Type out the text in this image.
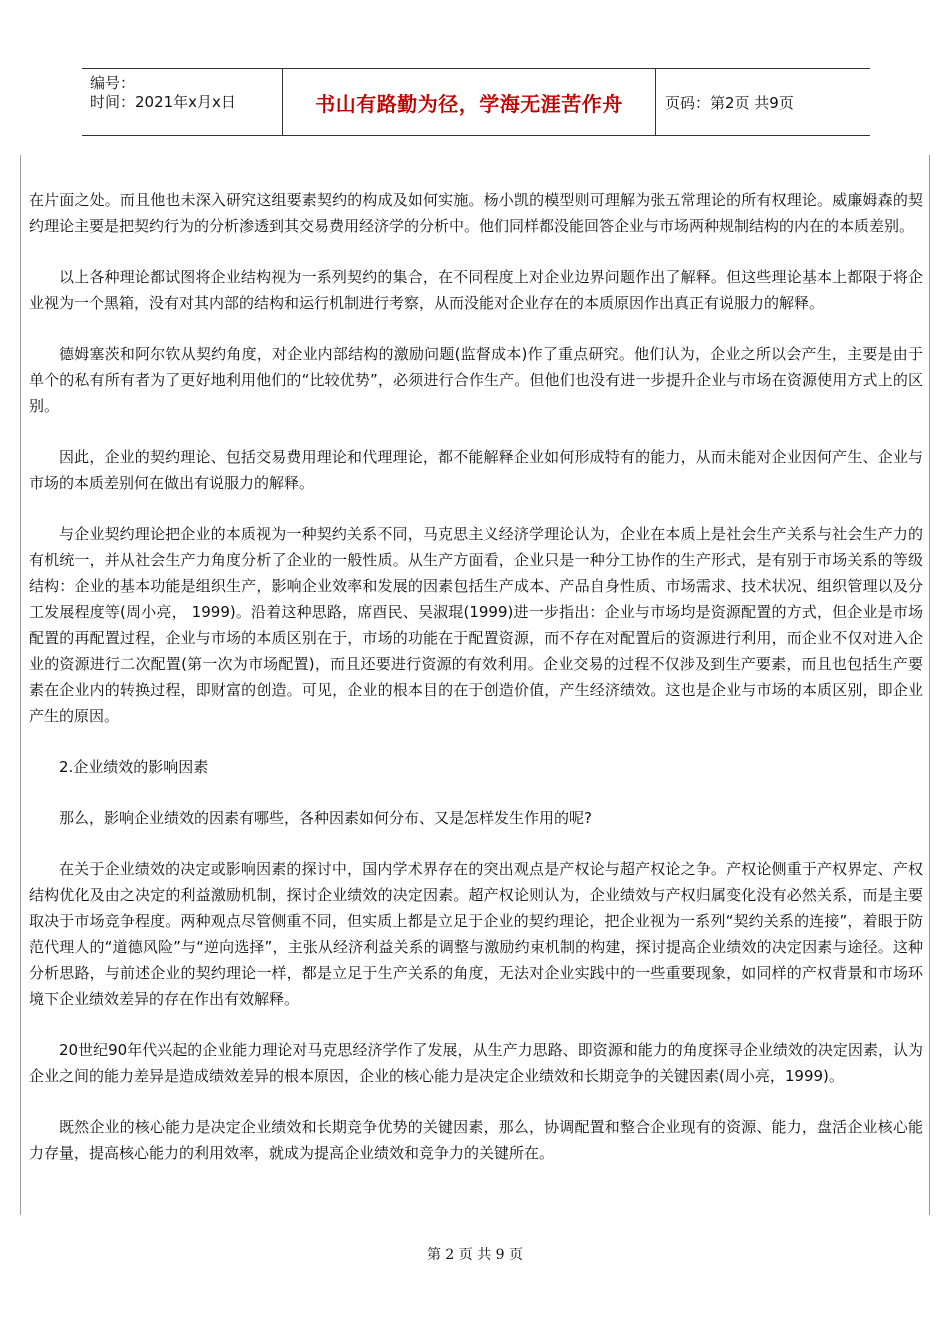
编号：
时间：2021年x月x日	书山有路勤为径，学海无涯苦作舟	页码：第2页 共9页

在片面之处。而且他也未深入研究这组要素契约的构成及如何实施。杨小凯的模型则可理解为张五常理论的所有权理论。威廉姆森的契约理论主要是把契约行为的分析渗透到其交易费用经济学的分析中。他们同样都没能回答企业与市场两种规制结构的内在的本质差别。

以上各种理论都试图将企业结构视为一系列契约的集合，在不同程度上对企业边界问题作出了解释。但这些理论基本上都限于将企业视为一个黑箱，没有对其内部的结构和运行机制进行考察，从而没能对企业存在的本质原因作出真正有说服力的解释。

德姆塞茨和阿尔钦从契约角度，对企业内部结构的激励问题(监督成本)作了重点研究。他们认为，企业之所以会产生，主要是由于单个的私有所有者为了更好地利用他们的“比较优势”，必须进行合作生产。但他们也没有进一步提升企业与市场在资源使用方式上的区别。

因此，企业的契约理论、包括交易费用理论和代理理论，都不能解释企业如何形成特有的能力，从而未能对企业因何产生、企业与市场的本质差别何在做出有说服力的解释。

与企业契约理论把企业的本质视为一种契约关系不同，马克思主义经济学理论认为，企业在本质上是社会生产关系与社会生产力的有机统一，并从社会生产力角度分析了企业的一般性质。从生产方面看，企业只是一种分工协作的生产形式，是有别于市场关系的等级结构：企业的基本功能是组织生产，影响企业效率和发展的因素包括生产成本、产品自身性质、市场需求、技术状况、组织管理以及分工发展程度等(周小亮， 1999)。沿着这种思路，席酉民、吴淑琨(1999)进一步指出：企业与市场均是资源配置的方式，但企业是市场配置的再配置过程，企业与市场的本质区别在于，市场的功能在于配置资源，而不存在对配置后的资源进行利用，而企业不仅对进入企业的资源进行二次配置(第一次为市场配置)，而且还要进行资源的有效利用。企业交易的过程不仅涉及到生产要素，而且也包括生产要素在企业内的转换过程，即财富的创造。可见，企业的根本目的在于创造价值，产生经济绩效。这也是企业与市场的本质区别，即企业产生的原因。

2.企业绩效的影响因素

那么，影响企业绩效的因素有哪些，各种因素如何分布、又是怎样发生作用的呢?

在关于企业绩效的决定或影响因素的探讨中，国内学术界存在的突出观点是产权论与超产权论之争。产权论侧重于产权界定、产权结构优化及由之决定的利益激励机制，探讨企业绩效的决定因素。超产权论则认为，企业绩效与产权归属变化没有必然关系，而是主要取决于市场竞争程度。两种观点尽管侧重不同，但实质上都是立足于企业的契约理论，把企业视为一系列“契约关系的连接”，着眼于防范代理人的“道德风险”与“逆向选择”，主张从经济利益关系的调整与激励约束机制的构建，探讨提高企业绩效的决定因素与途径。这种分析思路，与前述企业的契约理论一样，都是立足于生产关系的角度，无法对企业实践中的一些重要现象，如同样的产权背景和市场环境下企业绩效差异的存在作出有效解释。

20世纪90年代兴起的企业能力理论对马克思经济学作了发展，从生产力思路、即资源和能力的角度探寻企业绩效的决定因素，认为企业之间的能力差异是造成绩效差异的根本原因，企业的核心能力是决定企业绩效和长期竞争的关键因素(周小亮，1999)。

既然企业的核心能力是决定企业绩效和长期竞争优势的关键因素，那么，协调配置和整合企业现有的资源、能力，盘活企业核心能力存量，提高核心能力的利用效率，就成为提高企业绩效和竞争力的关键所在。

第 2 页 共 9 页
